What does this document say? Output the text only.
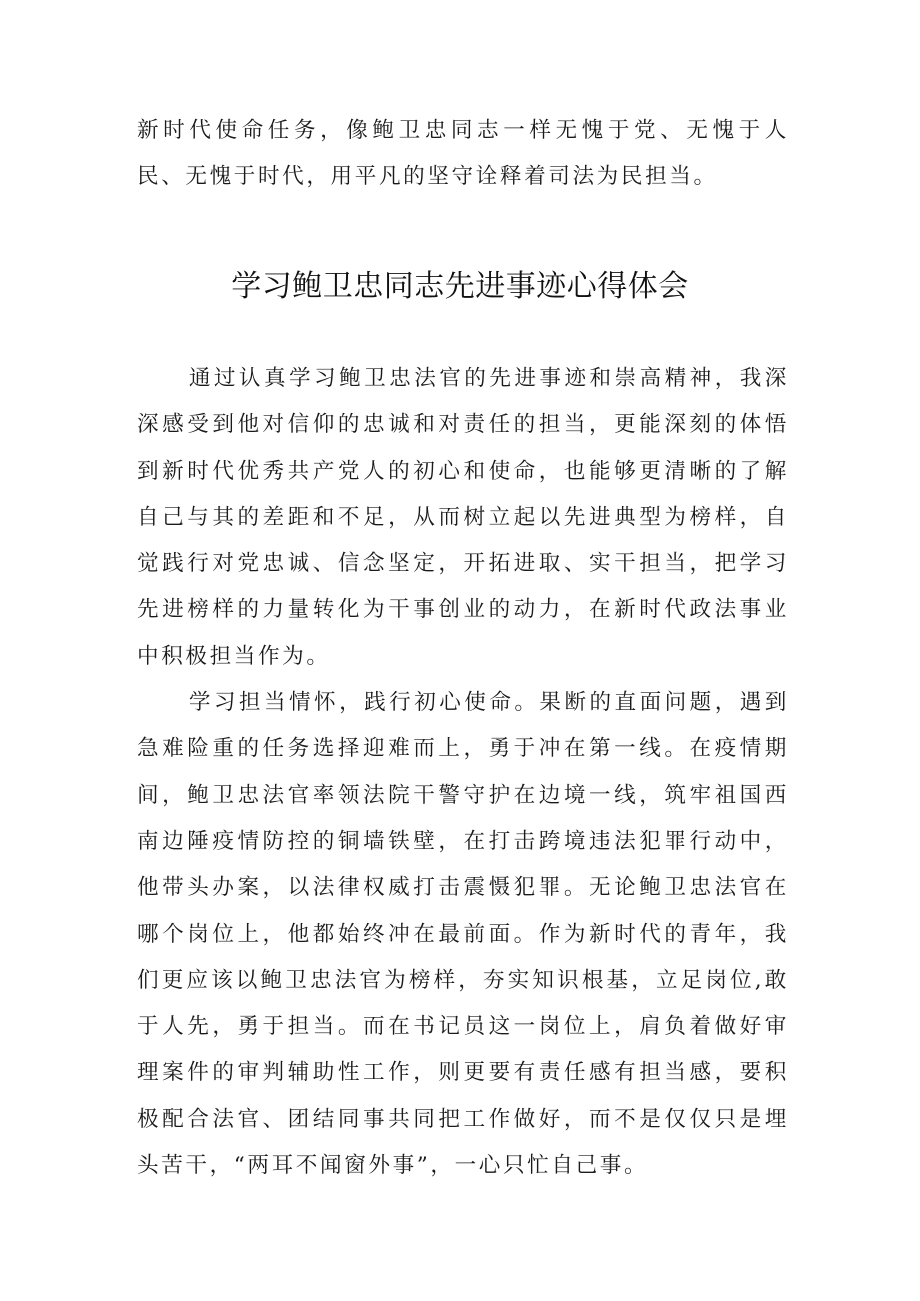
新时代使命任务，像鲍卫忠同志一样无愧于党、无愧于人民、无愧于时代，用平凡的坚守诠释着司法为民担当。

学习鲍卫忠同志先进事迹心得体会

通过认真学习鲍卫忠法官的先进事迹和崇高精神，我深深感受到他对信仰的忠诚和对责任的担当，更能深刻的体悟到新时代优秀共产党人的初心和使命，也能够更清晰的了解自己与其的差距和不足，从而树立起以先进典型为榜样，自觉践行对党忠诚、信念坚定，开拓进取、实干担当，把学习先进榜样的力量转化为干事创业的动力，在新时代政法事业中积极担当作为。

学习担当情怀，践行初心使命。果断的直面问题，遇到急难险重的任务选择迎难而上，勇于冲在第一线。在疫情期间，鲍卫忠法官率领法院干警守护在边境一线，筑牢祖国西南边陲疫情防控的铜墙铁壁，在打击跨境违法犯罪行动中，他带头办案，以法律权威打击震慑犯罪。无论鲍卫忠法官在哪个岗位上，他都始终冲在最前面。作为新时代的青年，我们更应该以鲍卫忠法官为榜样，夯实知识根基，立足岗位,敢于人先，勇于担当。而在书记员这一岗位上，肩负着做好审理案件的审判辅助性工作，则更要有责任感有担当感，要积极配合法官、团结同事共同把工作做好，而不是仅仅只是埋头苦干，“两耳不闻窗外事”，一心只忙自己事。
